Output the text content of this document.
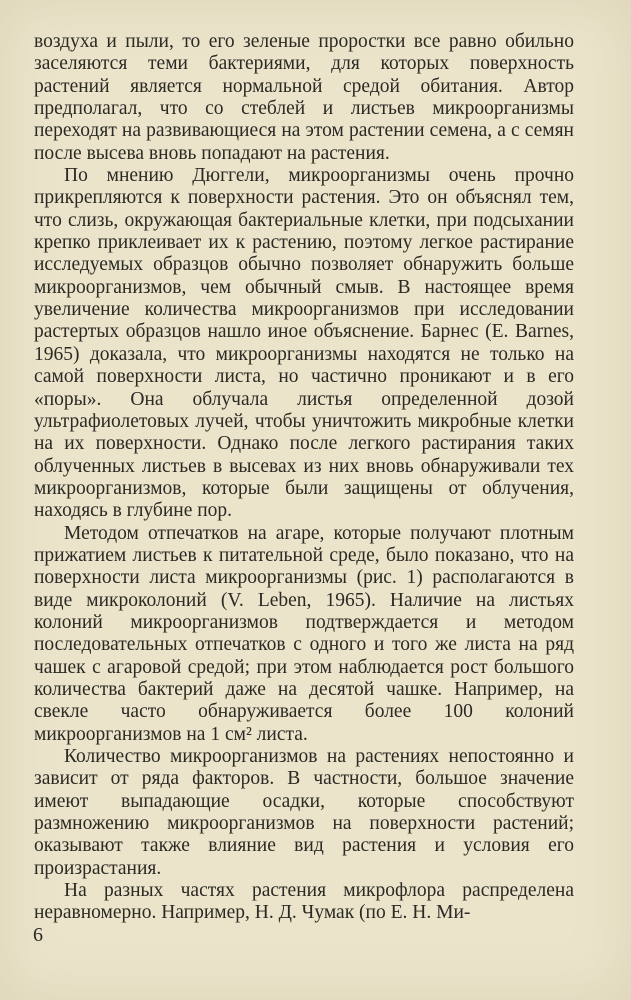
воздуха и пыли, то его зеленые проростки все равно обильно заселяются теми бактериями, для которых поверхность растений является нормальной средой обитания. Автор предполагал, что со стеблей и листьев микроорганизмы переходят на развивающиеся на этом растении семена, а с семян после высева вновь попадают на растения.

По мнению Дюггели, микроорганизмы очень прочно прикрепляются к поверхности растения. Это он объяснял тем, что слизь, окружающая бактериальные клетки, при подсыхании крепко приклеивает их к растению, поэтому легкое растирание исследуемых образцов обычно позволяет обнаружить больше микроорганизмов, чем обычный смыв. В настоящее время увеличение количества микроорганизмов при исследовании растертых образцов нашло иное объяснение. Барнес (E. Barnes, 1965) доказала, что микроорганизмы находятся не только на самой поверхности листа, но частично проникают и в его «поры». Она облучала листья определенной дозой ультрафиолетовых лучей, чтобы уничтожить микробные клетки на их поверхности. Однако после легкого растирания таких облученных листьев в высевах из них вновь обнаруживали тех микроорганизмов, которые были защищены от облучения, находясь в глубине пор.

Методом отпечатков на агаре, которые получают плотным прижатием листьев к питательной среде, было показано, что на поверхности листа микроорганизмы (рис. 1) располагаются в виде микроколоний (V. Leben, 1965). Наличие на листьях колоний микроорганизмов подтверждается и методом последовательных отпечатков с одного и того же листа на ряд чашек с агаровой средой; при этом наблюдается рост большого количества бактерий даже на десятой чашке. Например, на свекле часто обнаруживается более 100 колоний микроорганизмов на 1 см² листа.

Количество микроорганизмов на растениях непостоянно и зависит от ряда факторов. В частности, большое значение имеют выпадающие осадки, которые способствуют размножению микроорганизмов на поверхности растений; оказывают также влияние вид растения и условия его произрастания.

На разных частях растения микрофлора распределена неравномерно. Например, Н. Д. Чумак (по Е. Н. Ми-

6
